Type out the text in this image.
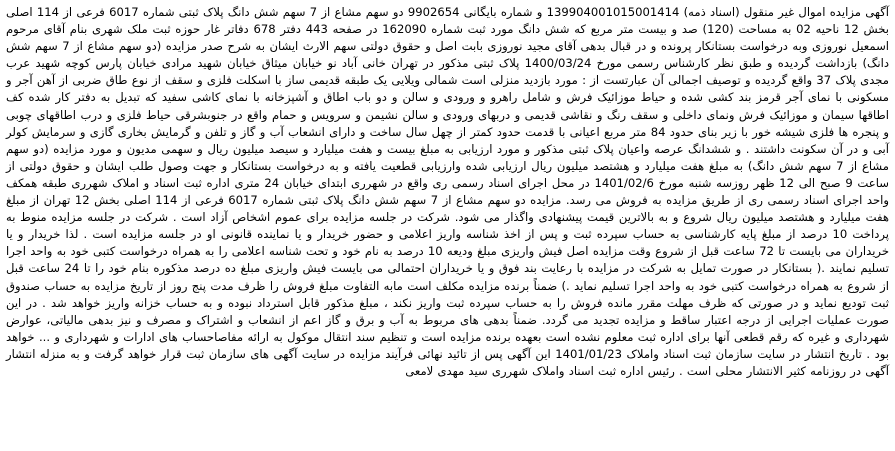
آگهی مزایده اموال غیر منقول (اسناد ذمه) 139904001015001414 و شماره بایگانی 9902654 دو سهم مشاع از 7 سهم شش دانگ پلاک ثبتی شماره 6017 فرعی از 114 اصلی بخش 12 ناحیه 02 به مساحت (120) صد و بیست متر مربع که شش دانگ مورد ثبت شماره 162090 در صفحه 443 دفتر 678 دفاتر غار حوزه ثبت ملک شهری بنام آقای مرحوم اسمعیل نوروزی وبه درخواست بستانکار پرونده و در قبال بدهی آقای مجید نوروزی بابت اصل و حقوق دولتی سهم الارث ایشان به شرح صدر مزایده (دو سهم مشاع از 7 سهم شش دانگ) بازداشت گردیده و طبق نظر کارشناس رسمی مورخ 1400/03/24 پلاک ثبتی مذکور در تهران خانی آباد نو خیابان میثاق خیابان شهید مرادی خیابان پارس کوچه شهید عرب مجدی پلاک 37 واقع گردیده و توصیف اجمالی آن عبارتست از : مورد بازدید منزلی است شمالی ویلایی یک طبقه قدیمی ساز با اسکلت فلزی و سقف از نوع طاق ضربی از آهن آجر و مسکونی با نمای آجر قرمز بند کشی شده و حیاط موزائیک فرش و شامل راهرو و ورودی و سالن و دو باب اطاق و آشپزخانه با نمای کاشی سفید که تبدیل به دفتر کار شده کف اطاقها سیمان و موزائیک فرش ونمای داخلی و سقف رنگ و نقاشی قدیمی و دربهای ورودی و سالن نشیمن و سرویس و حمام واقع در جنوبشرقی حیاط فلزی و درب اطاقهای چوبی و پنجره ها فلزی شیشه خور با زیر بنای حدود 84 متر مربع اعیانی با قدمت حدود کمتر از چهل سال ساخت و دارای انشعاب آب و گاز و تلفن و گرمایش بخاری گازی و سرمایش کولر آبی و در آن سکونت داشتند . و ششدانگ عرصه واعیان پلاک ثبتی مذکور و مورد ارزیابی به مبلغ بیست و هفت میلیارد و سیصد میلیون ریال و سهمی مدیون و مورد مزایده (دو سهم مشاع از 7 سهم شش دانگ) به مبلغ هفت میلیارد و هشتصد میلیون ریال ارزیابی شده وارزیابی قطعیت یافته و به درخواست بستانکار و جهت وصول طلب ایشان و حقوق دولتی از ساعت 9 صبح الی 12 ظهر روزسه شنبه مورخ 1401/02/6 در محل اجرای اسناد رسمی ری واقع در شهرری ابتدای خیابان 24 متری اداره ثبت اسناد و املاک شهرری طبقه همکف واحد اجرای اسناد رسمی ری از طریق مزایده به فروش می رسد. مزایده دو سهم مشاع از 7 سهم شش دانگ پلاک ثبتی شماره 6017 فرعی از 114 اصلی بخش 12 تهران از مبلغ هفت میلیارد و هشتصد میلیون ریال شروع و به بالاترین قیمت پیشنهادی واگذار می شود. شرکت در جلسه مزایده برای عموم اشخاص آزاد است . شرکت در جلسه مزایده منوط به پرداخت 10 درصد از مبلغ پایه کارشناسی به حساب سپرده ثبت و پس از اخذ شناسه واریز اعلامی و حضور خریدار و یا نماینده قانونی او در جلسه مزایده است . لذا خریدار و یا خریداران می بایست تا 72 ساعت قبل از شروع وقت مزایده اصل فیش واریزی مبلغ ودیعه 10 درصد به نام خود و تحت شناسه اعلامی را به همراه درخواست کتبی خود به واحد اجرا تسلیم نمایند .( بستانکار در صورت تمایل به شرکت در مزایده با رعایت بند فوق و یا خریداران احتمالی می بایست فیش واریزی مبلغ ده درصد مذکوره بنام خود را تا 24 ساعت قبل از شروع به همراه درخواست کتبی خود به واحد اجرا تسلیم نماید .) ضمناً برنده مزایده مکلف است مابه التفاوت مبلغ فروش را ظرف مدت پنج روز از تاریخ مزایده به حساب صندوق ثبت تودیع نماید و در صورتی که ظرف مهلت مقرر مانده فروش را به حساب سپرده ثبت واریز نکند ، مبلغ مذکور قابل استرداد نبوده و به حساب خزانه واریز خواهد شد . در این صورت عملیات اجرایی از درجه اعتبار ساقط و مزایده تجدید می گردد. ضمناً بدهی های مربوط به آب و برق و گاز اعم از انشعاب و اشتراک و مصرف و نیز بدهی مالیاتی، عوارض شهرداری و غیره که رقم قطعی آنها برای اداره ثبت معلوم نشده است بعهده برنده مزایده است و تنظیم سند انتقال موکول به ارائه مفاصاحساب های ادارات و شهرداری و ... خواهد بود . تاریخ انتشار در سایت سازمان ثبت اسناد واملاک 1401/01/23 این آگهی پس از تائید نهائی فرآیند مزایده در سایت آگهی های سازمان ثبت قرار خواهد گرفت و به منزله انتشار آگهی در روزنامه کثیر الانتشار محلی است . رئیس اداره ثبت اسناد واملاک شهرری سید مهدی لامعی
